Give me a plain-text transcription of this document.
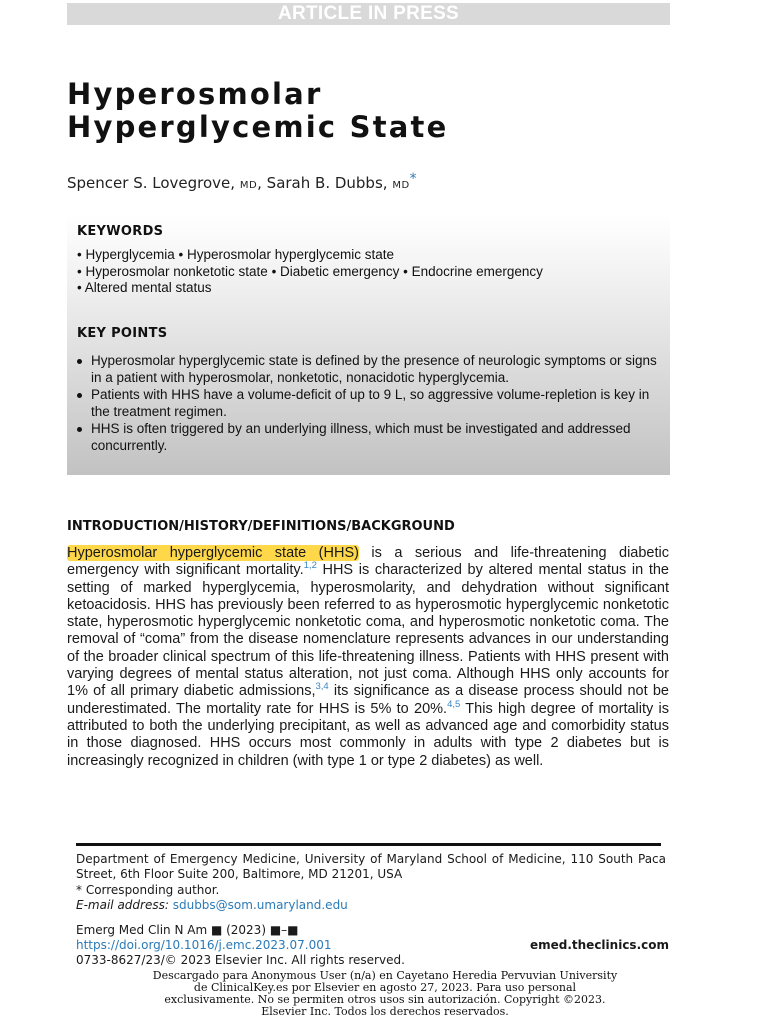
ARTICLE IN PRESS
Hyperosmolar
Hyperglycemic State
Spencer S. Lovegrove, MD, Sarah B. Dubbs, MD*
KEYWORDS
• Hyperglycemia • Hyperosmolar hyperglycemic state
• Hyperosmolar nonketotic state • Diabetic emergency • Endocrine emergency
• Altered mental status
KEY POINTS
Hyperosmolar hyperglycemic state is defined by the presence of neurologic symptoms or signs in a patient with hyperosmolar, nonketotic, nonacidotic hyperglycemia.
Patients with HHS have a volume-deficit of up to 9 L, so aggressive volume-repletion is key in the treatment regimen.
HHS is often triggered by an underlying illness, which must be investigated and addressed concurrently.
INTRODUCTION/HISTORY/DEFINITIONS/BACKGROUND

Hyperosmolar hyperglycemic state (HHS) is a serious and life-threatening diabetic emergency with significant mortality.$^{1,2}$ HHS is characterized by altered mental status in the setting of marked hyperglycemia, hyperosmolarity, and dehydration without significant ketoacidosis. HHS has previously been referred to as hyperosmotic hyperglycemic nonketotic state, hyperosmotic hyperglycemic nonketotic coma, and hyperosmotic nonketotic coma. The removal of “coma” from the disease nomenclature represents advances in our understanding of the broader clinical spectrum of this life-threatening illness. Patients with HHS present with varying degrees of mental status alteration, not just coma. Although HHS only accounts for 1% of all primary diabetic admissions,$^{3,4}$ its significance as a disease process should not be underestimated. The mortality rate for HHS is 5% to 20%.$^{4,5}$ This high degree of mortality is attributed to both the underlying precipitant, as well as advanced age and comorbidity status in those diagnosed. HHS occurs most commonly in adults with type 2 diabetes but is increasingly recognized in children (with type 1 or type 2 diabetes) as well.

Department of Emergency Medicine, University of Maryland School of Medicine, 110 South Paca Street, 6th Floor Suite 200, Baltimore, MD 21201, USA
* Corresponding author.
E-mail address: sdubbs@som.umaryland.edu
Emerg Med Clin N Am ■ (2023) ■–■
https://doi.org/10.1016/j.emc.2023.07.001	emed.theclinics.com
0733-8627/23/© 2023 Elsevier Inc. All rights reserved.
Descargado para Anonymous User (n/a) en Cayetano Heredia Pervuvian University de ClinicalKey.es por Elsevier en agosto 27, 2023. Para uso personal exclusivamente. No se permiten otros usos sin autorización. Copyright ©2023. Elsevier Inc. Todos los derechos reservados.
